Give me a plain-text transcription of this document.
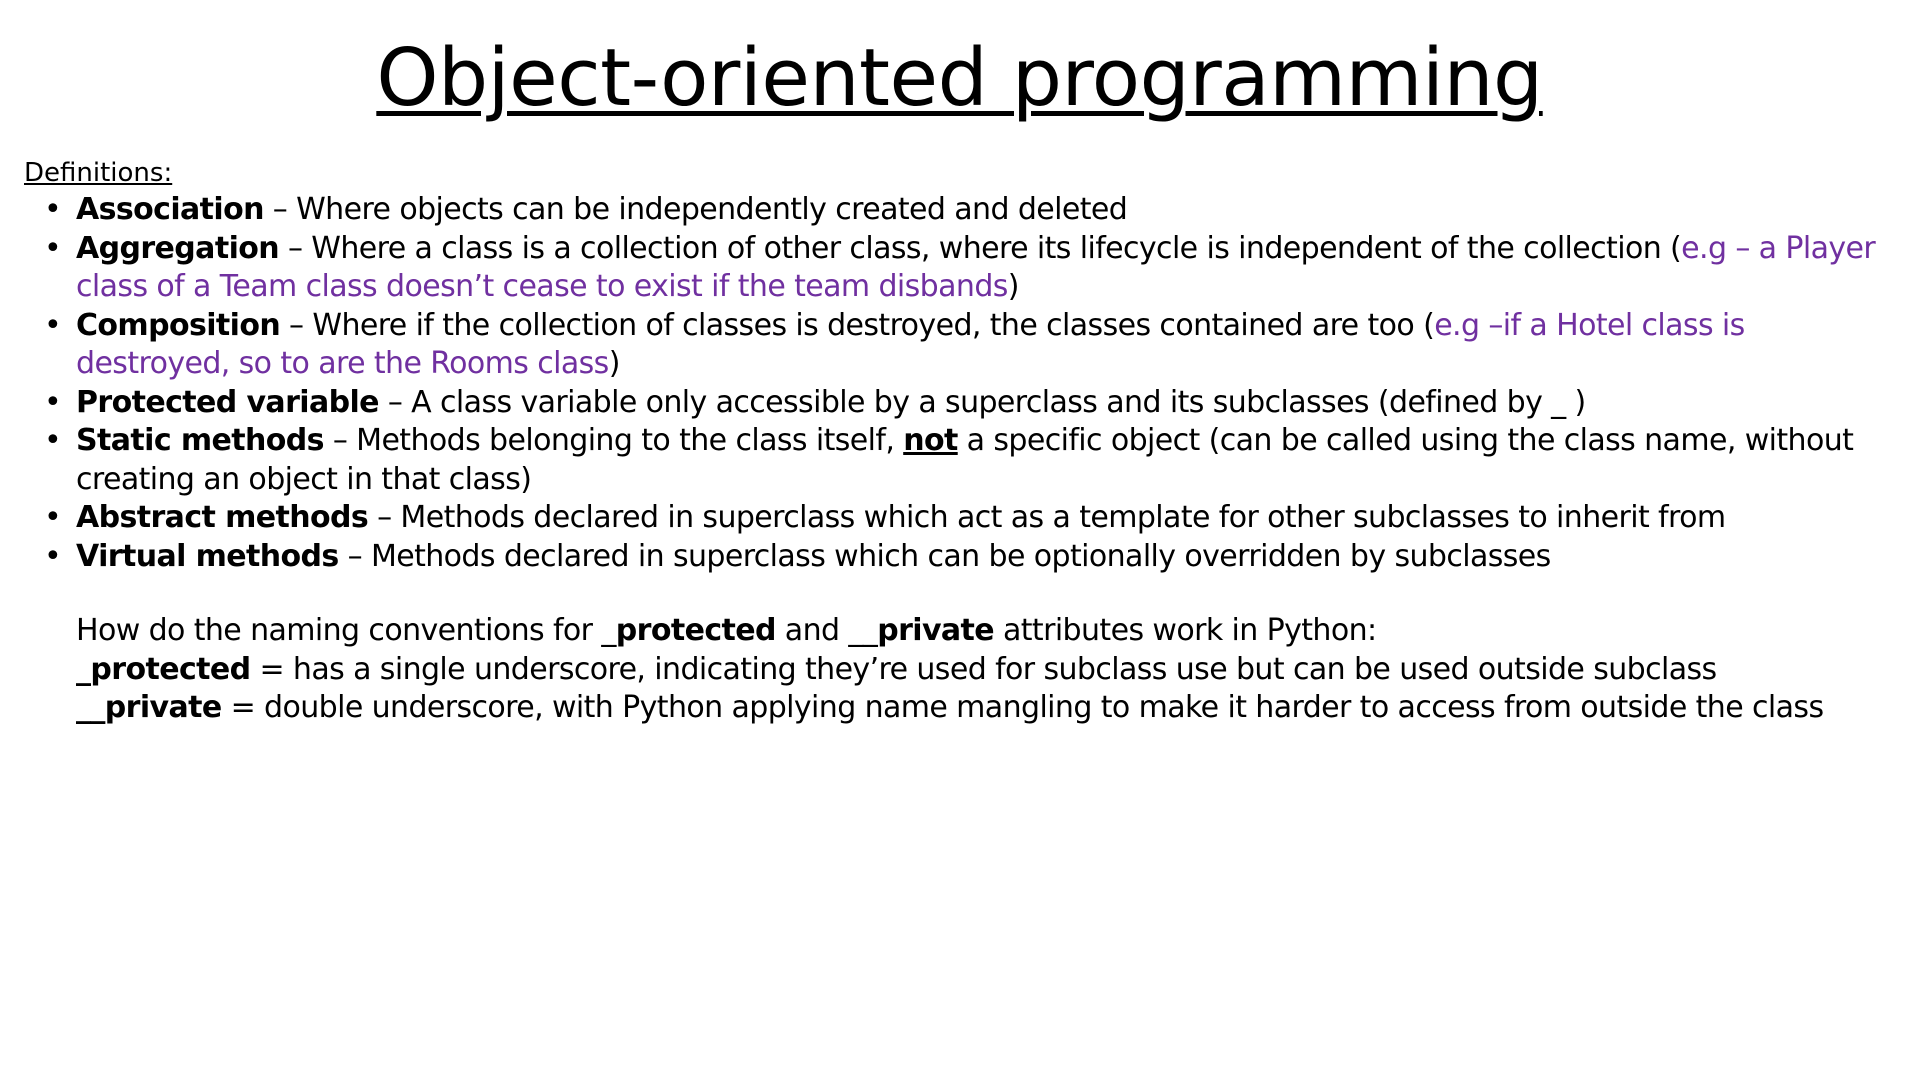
Object-oriented programming

Definitions:

• Association – Where objects can be independently created and deleted
• Aggregation – Where a class is a collection of other class, where its lifecycle is independent of the collection (e.g – a Player class of a Team class doesn’t cease to exist if the team disbands)
• Composition – Where if the collection of classes is destroyed, the classes contained are too (e.g –if a Hotel class is destroyed, so to are the Rooms class)
• Protected variable – A class variable only accessible by a superclass and its subclasses (defined by _ )
• Static methods – Methods belonging to the class itself, not a specific object (can be called using the class name, without creating an object in that class)
• Abstract methods – Methods declared in superclass which act as a template for other subclasses to inherit from
• Virtual methods – Methods declared in superclass which can be optionally overridden by subclasses

How do the naming conventions for _protected and __private attributes work in Python:

_protected = has a single underscore, indicating they’re used for subclass use but can be used outside subclass

__private = double underscore, with Python applying name mangling to make it harder to access from outside the class
